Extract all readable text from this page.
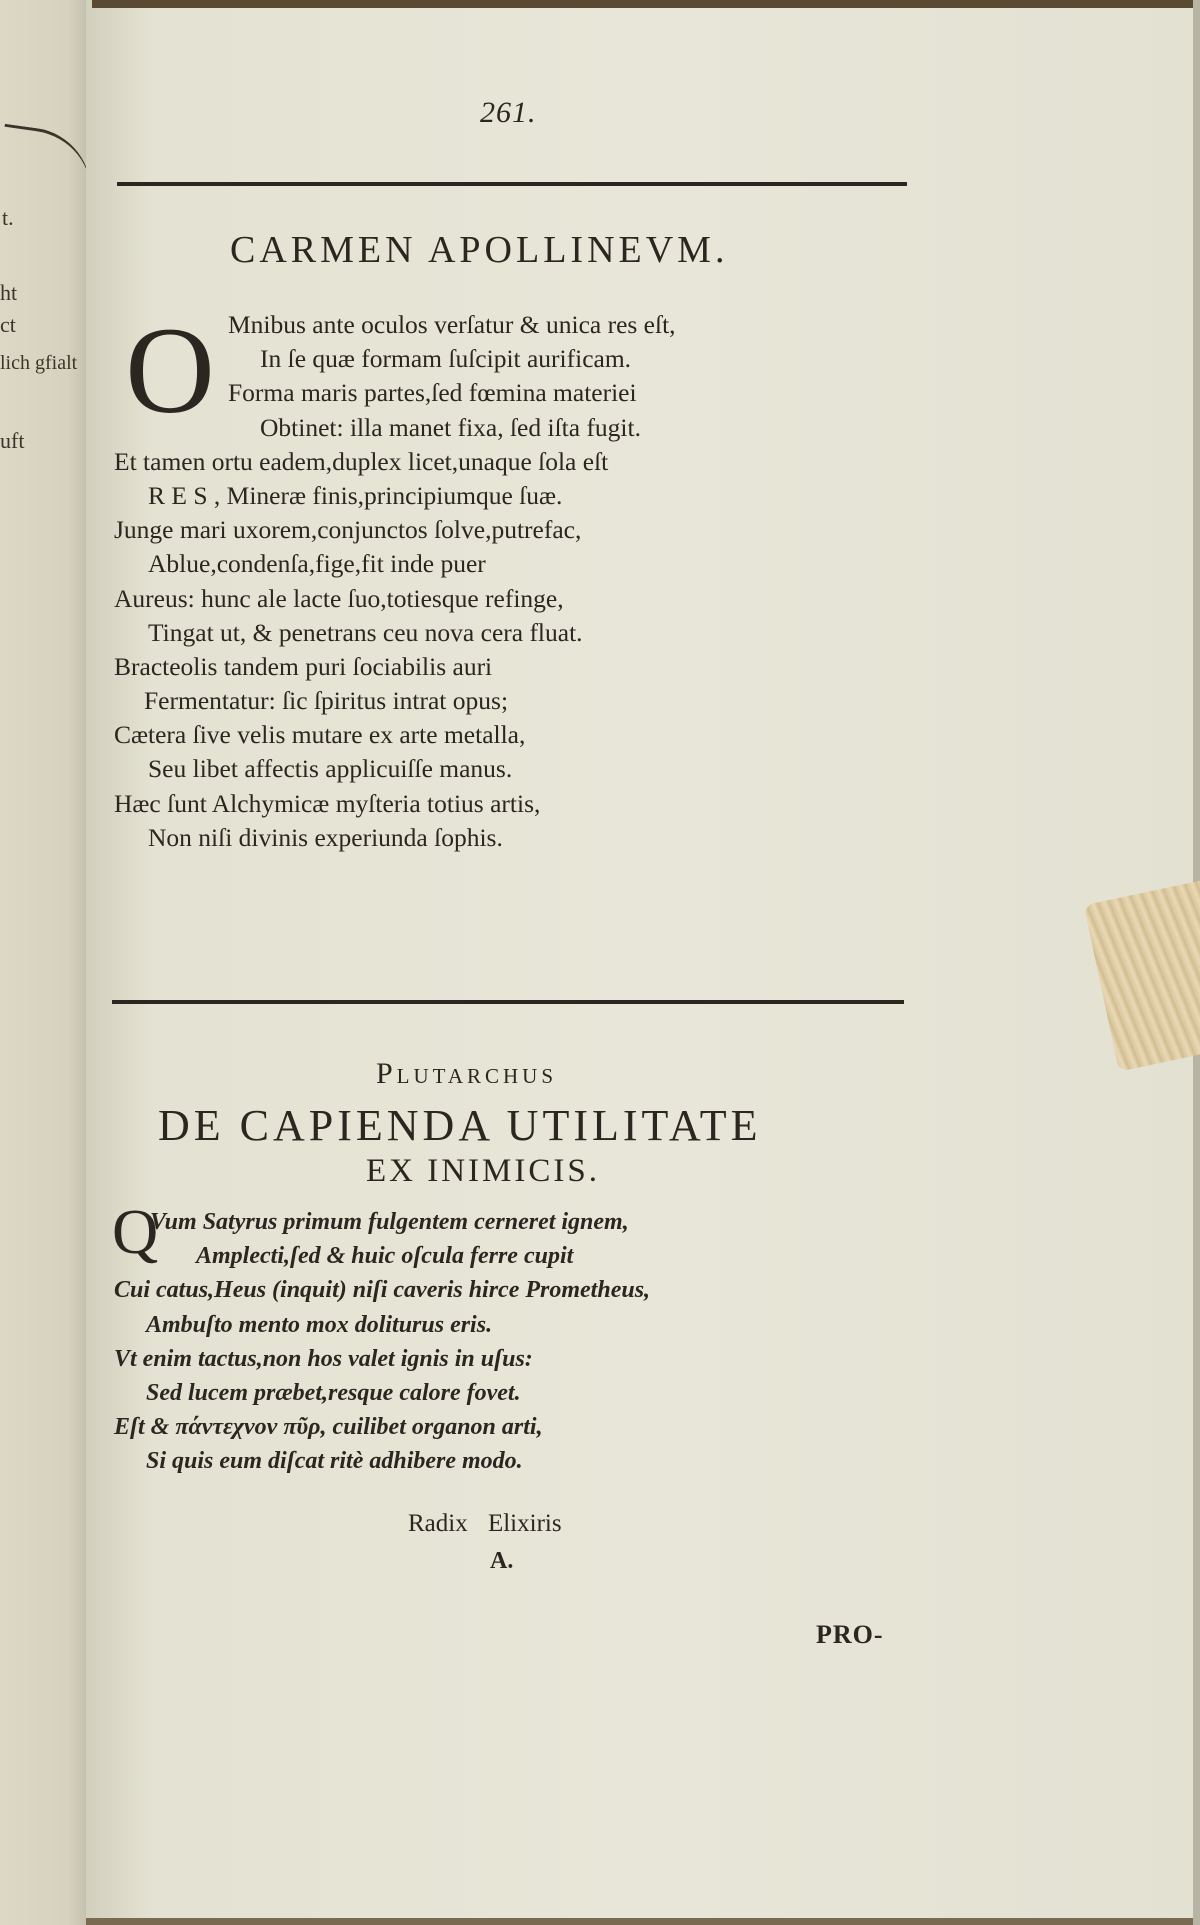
t.
ht
ct
lich gfialt
uft
261.
CARMEN APOLLINEVM.
O Mnibus ante oculos verſatur & unica res eſt,
In ſe quæ formam ſuſcipit aurificam.
Forma maris partes,ſed fœmina materiei
Obtinet: illa manet fixa, ſed iſta fugit.
Et tamen ortu eadem,duplex licet,unaque ſola eſt
R E S , Mineræ finis,principiumque ſuæ.
Junge mari uxorem,conjunctos ſolve,putrefac,
Ablue,condenſa,fige,fit inde puer
Aureus: hunc ale lacte ſuo,totiesque refinge,
Tingat ut, & penetrans ceu nova cera fluat.
Bracteolis tandem puri ſociabilis auri
Fermentatur: ſic ſpiritus intrat opus;
Cætera ſive velis mutare ex arte metalla,
Seu libet affectis applicuiſſe manus.
Hæc ſunt Alchymicæ myſteria totius artis,
Non niſi divinis experiunda ſophis.
Plutarchus
DE CAPIENDA UTILITATE
EX INIMICIS.
Q
Vum Satyrus primum fulgentem cerneret ignem,
Amplecti,ſed & huic oſcula ferre cupit
Cui catus,Heus (inquit) niſi caveris hirce Prometheus,
Ambuſto mento mox doliturus eris.
Vt enim tactus,non hos valet ignis in uſus:
Sed lucem præbet,resque calore fovet.
Eſt & πάντεχνον πῦρ, cuilibet organon arti,
Si quis eum diſcat ritè adhibere modo.
Radix Elixiris
A.
PRO-
